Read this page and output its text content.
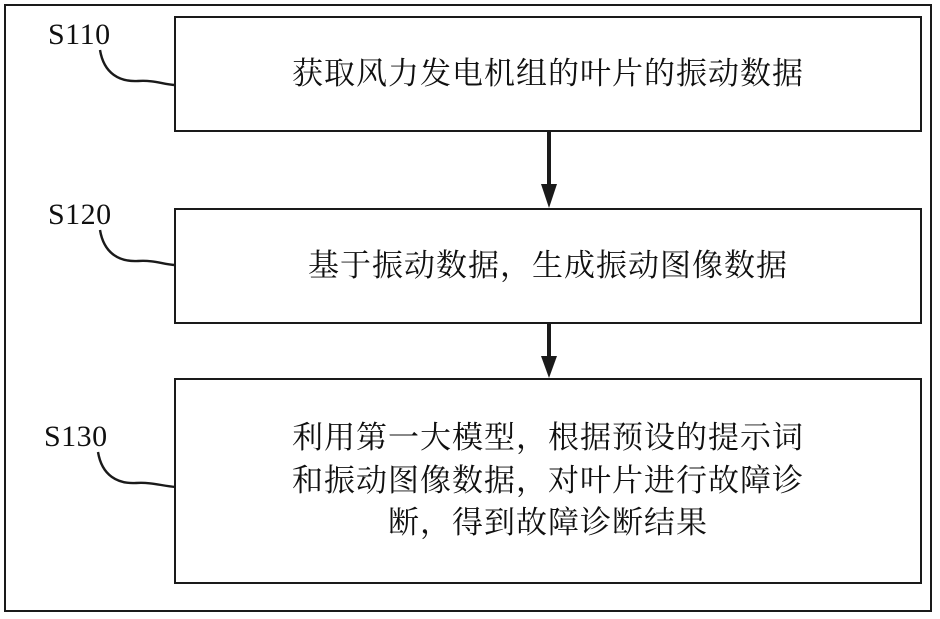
S110
获取风力发电机组的叶片的振动数据
S120
基于振动数据，生成振动图像数据
S130	利用第一大模型，根据预设的提示词
和振动图像数据，对叶片进行故障诊
断，得到故障诊断结果
